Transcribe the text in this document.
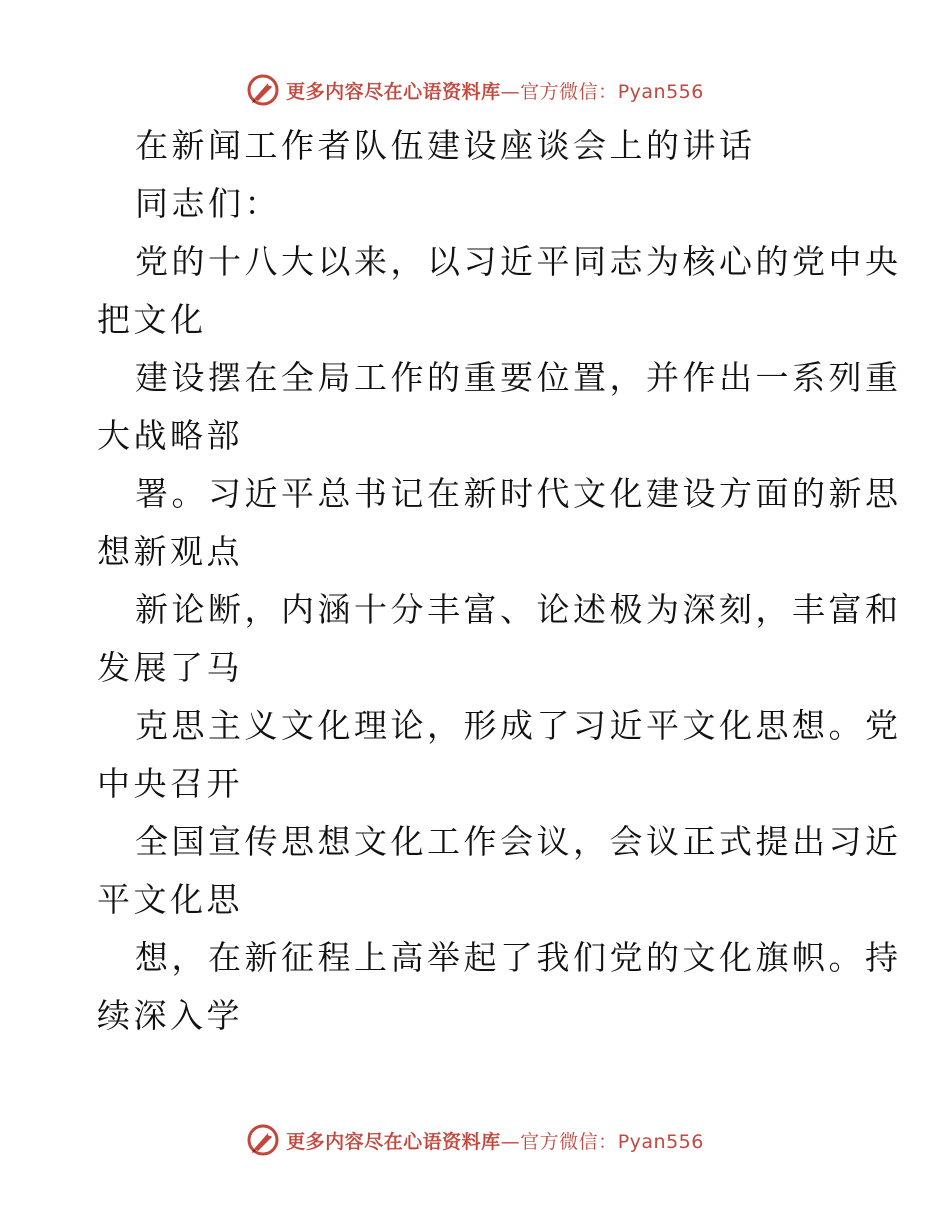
更多内容尽在心语资料库—官方微信：Pyan556
在新闻工作者队伍建设座谈会上的讲话
同志们：
党的十八大以来，以习近平同志为核心的党中央
把文化
建设摆在全局工作的重要位置，并作出一系列重
大战略部
署。习近平总书记在新时代文化建设方面的新思
想新观点
新论断，内涵十分丰富、论述极为深刻，丰富和
发展了马
克思主义文化理论，形成了习近平文化思想。党
中央召开
全国宣传思想文化工作会议，会议正式提出习近
平文化思
想，在新征程上高举起了我们党的文化旗帜。持
续深入学
更多内容尽在心语资料库—官方微信：Pyan556
